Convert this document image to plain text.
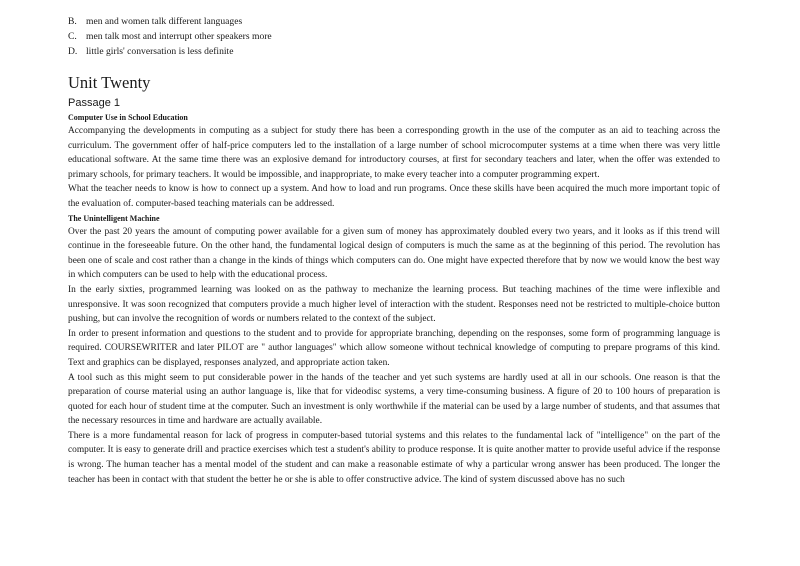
B. men and women talk different languages
C. men talk most and interrupt other speakers more
D. little girls' conversation is less definite
Unit Twenty
Passage 1
Computer Use in School Education

Accompanying the developments in computing as a subject for study there has been a corresponding growth in the use of the computer as an aid to teaching across the curriculum. The government offer of half-price computers led to the installation of a large number of school microcomputer systems at a time when there was very little educational software. At the same time there was an explosive demand for introductory courses, at first for secondary teachers and later, when the offer was extended to primary schools, for primary teachers. It would be impossible, and inappropriate, to make every teacher into a computer programming expert.

What the teacher needs to know is how to connect up a system. And how to load and run programs. Once these skills have been acquired the much more important topic of the evaluation of. computer-based teaching materials can be addressed.

The Unintelligent Machine

Over the past 20 years the amount of computing power available for a given sum of money has approximately doubled every two years, and it looks as if this trend will continue in the foreseeable future. On the other hand, the fundamental logical design of computers is much the same as at the beginning of this period. The revolution has been one of scale and cost rather than a change in the kinds of things which computers can do. One might have expected therefore that by now we would know the best way in which computers can be used to help with the educational process.

In the early sixties, programmed learning was looked on as the pathway to mechanize the learning process. But teaching machines of the time were inflexible and unresponsive. It was soon recognized that computers provide a much higher level of interaction with the student. Responses need not be restricted to multiple-choice button pushing, but can involve the recognition of words or numbers related to the context of the subject.

In order to present information and questions to the student and to provide for appropriate branching, depending on the responses, some form of programming language is required. COURSEWRITER and later PILOT are " author languages" which allow someone without technical knowledge of computing to prepare programs of this kind. Text and graphics can be displayed, responses analyzed, and appropriate action taken.

A tool such as this might seem to put considerable power in the hands of the teacher and yet such systems are hardly used at all in our schools. One reason is that the preparation of course material using an author language is, like that for videodisc systems, a very time-consuming business. A figure of 20 to 100 hours of preparation is quoted for each hour of student time at the computer. Such an investment is only worthwhile if the material can be used by a large number of students, and that assumes that the necessary resources in time and hardware are actually available.

There is a more fundamental reason for lack of progress in computer-based tutorial systems and this relates to the fundamental lack of "intelligence" on the part of the computer. It is easy to generate drill and practice exercises which test a student's ability to produce response. It is quite another matter to provide useful advice if the response is wrong. The human teacher has a mental model of the student and can make a reasonable estimate of why a particular wrong answer has been produced. The longer the teacher has been in contact with that student the better he or she is able to offer constructive advice. The kind of system discussed above has no such
